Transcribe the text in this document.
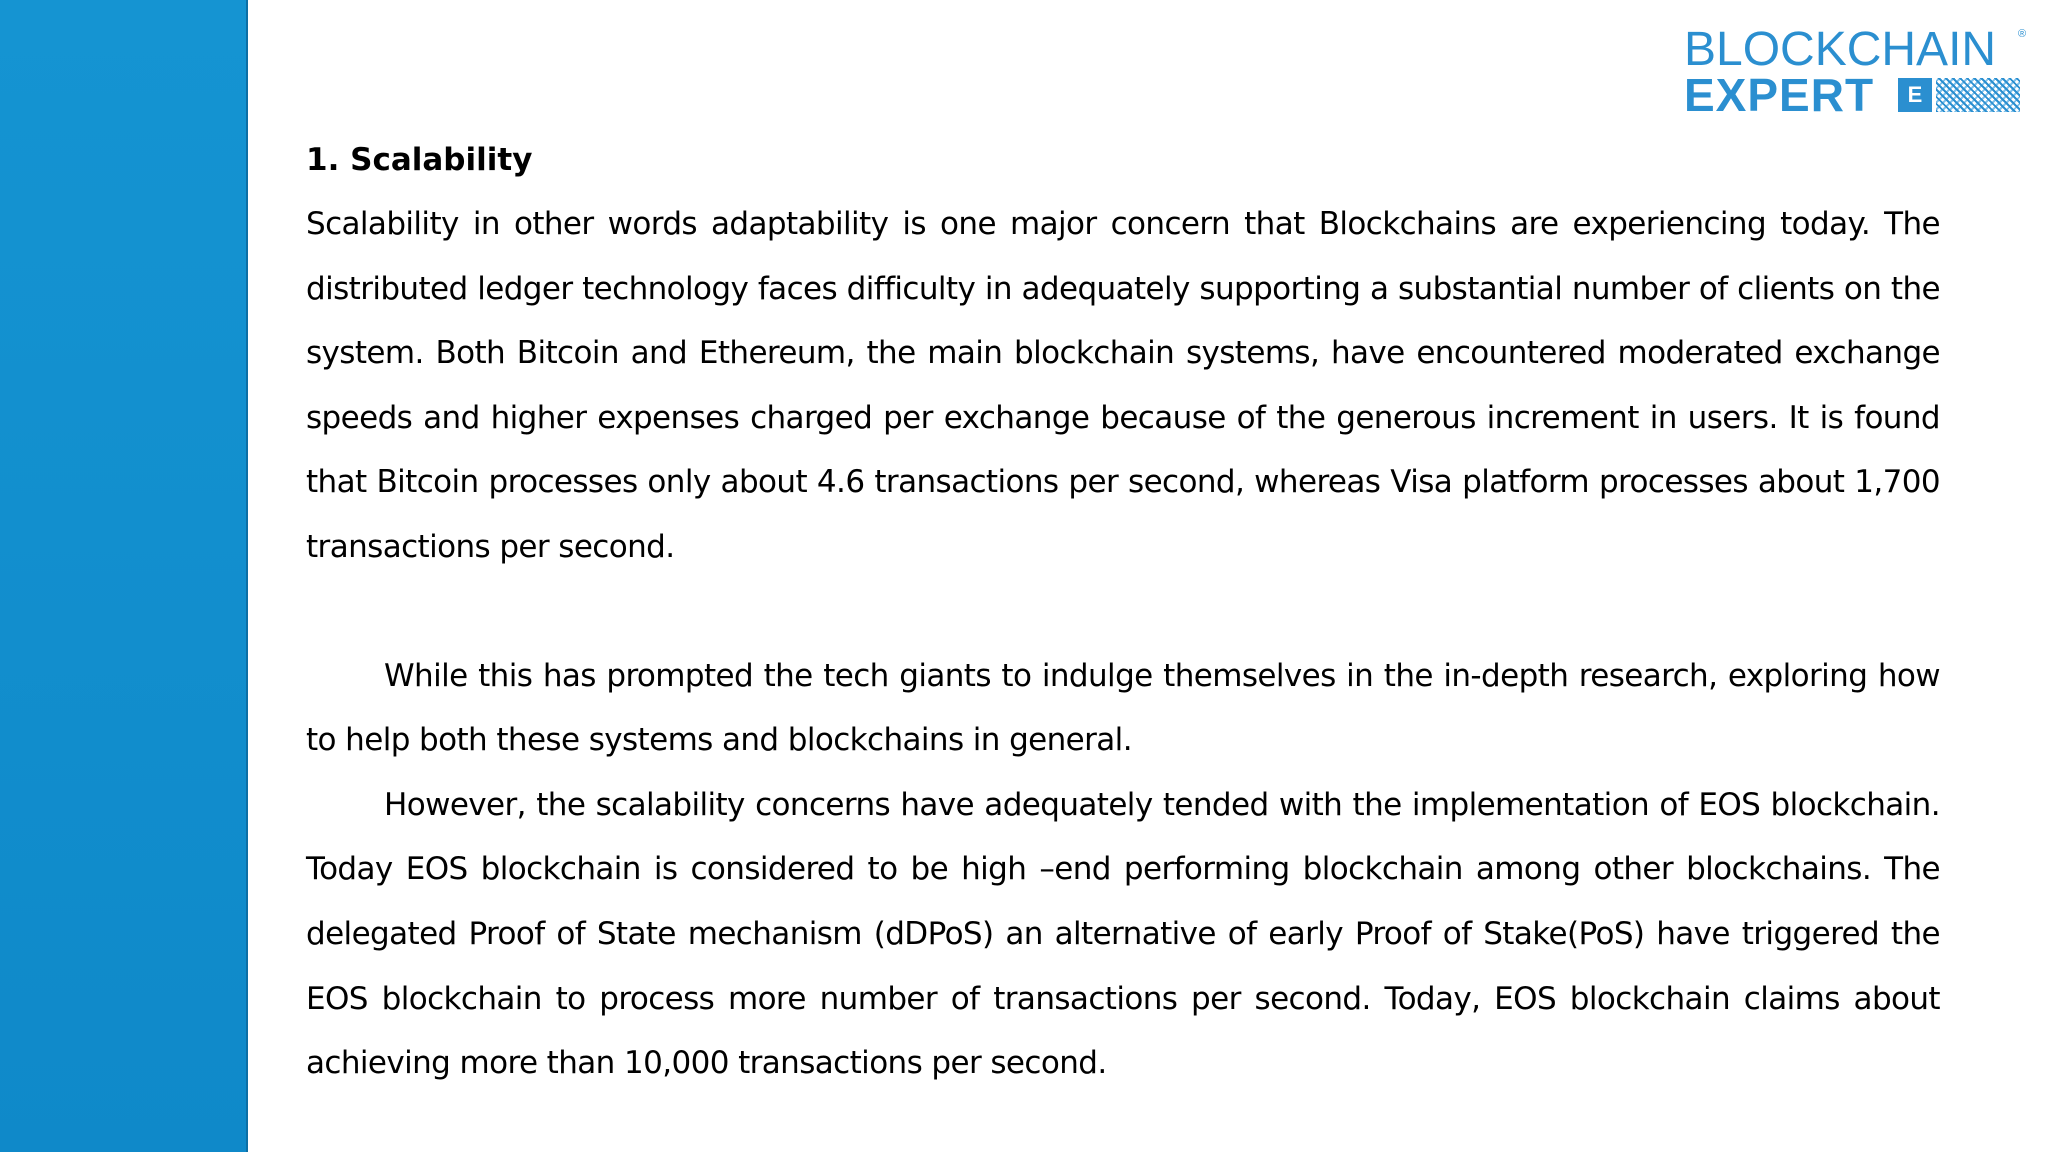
BLOCKCHAIN ®
EXPERT	E

1. Scalability

Scalability in other words adaptability is one major concern that Blockchains are experiencing today. The distributed ledger technology faces difficulty in adequately supporting a substantial number of clients on the system. Both Bitcoin and Ethereum, the main blockchain systems, have encountered moderated exchange speeds and higher expenses charged per exchange because of the generous increment in users. It is found that Bitcoin processes only about 4.6 transactions per second, whereas Visa platform processes about 1,700 transactions per second.

While this has prompted the tech giants to indulge themselves in the in-depth research, exploring how to help both these systems and blockchains in general.

However, the scalability concerns have adequately tended with the implementation of EOS blockchain. Today EOS blockchain is considered to be high –end performing blockchain among other blockchains. The delegated Proof of State mechanism (dDPoS) an alternative of early Proof of Stake(PoS) have triggered the EOS blockchain to process more number of transactions per second. Today, EOS blockchain claims about achieving more than 10,000 transactions per second.
